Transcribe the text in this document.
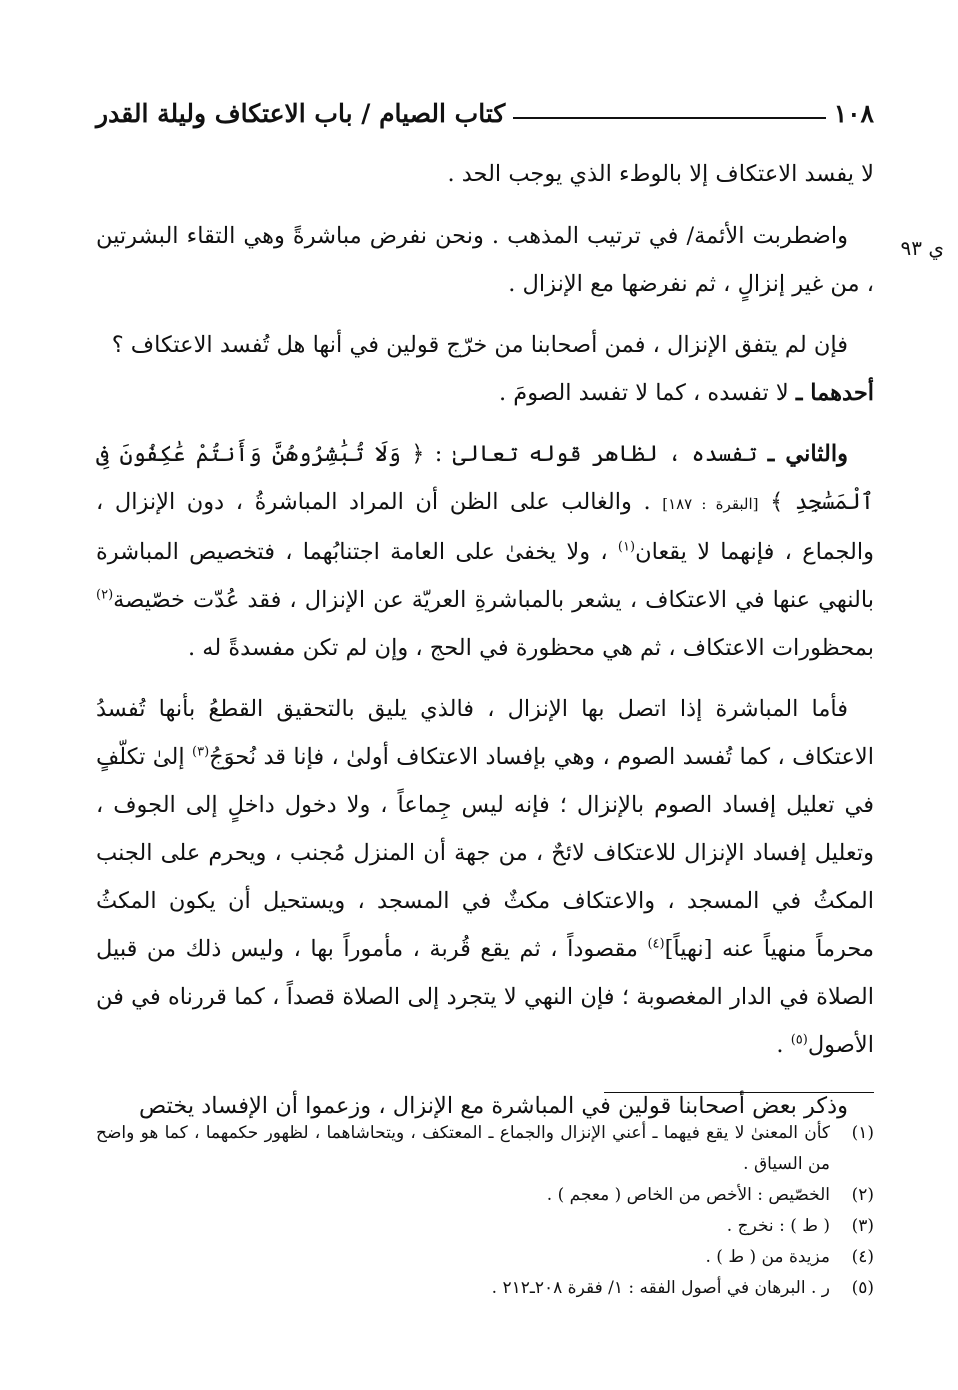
١٠٨
كتاب الصيام / باب الاعتكاف وليلة القدر
ي ٩٣

لا يفسد الاعتكاف إلا بالوطء الذي يوجب الحد .

واضطربت الأئمة/ في ترتيب المذهب . ونحن نفرض مباشرةً وهي التقاء البشرتين ، من غير إنزالٍ ، ثم نفرضها مع الإنزال .

فإن لم يتفق الإنزال ، فمن أصحابنا من خرّج قولين في أنها هل تُفسد الاعتكاف ؟
أحدهما ـ لا تفسده ، كما لا تفسد الصومَ .

والثاني ـ تفسده ، لظاهر قوله تعالىٰ : ﴿ وَلَا تُبَٰشِرُوهُنَّ وَأَنتُمْ عَٰكِفُونَ فِى ٱلْمَسَٰجِدِ ﴾ [البقرة : ١٨٧] . والغالب على الظن أن المراد المباشرةُ ، دون الإنزال ، والجماع ، فإنهما لا يقعان$^{(١)}$ ، ولا يخفىٰ على العامة اجتنابُهما ، فتخصيص المباشرة بالنهي عنها في الاعتكاف ، يشعر بالمباشرةِ العريّة عن الإنزال ، فقد عُدّت خصّيصة$^{(٢)}$ بمحظورات الاعتكاف ، ثم هي محظورة في الحج ، وإن لم تكن مفسدةً له .

فأما المباشرة إذا اتصل بها الإنزال ، فالذي يليق بالتحقيق القطعُ بأنها تُفسدُ الاعتكاف ، كما تُفسد الصوم ، وهي بإفساد الاعتكاف أولىٰ ، فإنا قد نُحوَجُ$^{(٣)}$ إلىٰ تكلّفٍ في تعليل إفساد الصوم بالإنزال ؛ فإنه ليس جِماعاً ، ولا دخول داخلٍ إلى الجوف ، وتعليل إفساد الإنزال للاعتكاف لائحٌ ، من جهة أن المنزل مُجنب ، ويحرم على الجنب المكثُ في المسجد ، والاعتكاف مكثٌ في المسجد ، ويستحيل أن يكون المكثُ محرماً منهياً عنه [نهياً]$^{(٤)}$ مقصوداً ، ثم يقع قُربة ، مأموراً بها ، وليس ذلك من قبيل الصلاة في الدار المغصوبة ؛ فإن النهي لا يتجرد إلى الصلاة قصداً ، كما قررناه في فن الأصول$^{(٥)}$ .

وذكر بعض أصحابنا قولين في المباشرة مع الإنزال ، وزعموا أن الإفساد يختص

(١)
كأن المعنىٰ لا يقع فيهما ـ أعني الإنزال والجماع ـ المعتكف ، ويتحاشاهما ، لظهور حكمهما ، كما هو واضح من السياق .
(٢)
الخصّيص : الأخص من الخاص ( معجم ) .
(٣)
( ط ) : نخرج .
(٤)
مزيدة من ( ط ) .
(٥)
ر . البرهان في أصول الفقه : ١/ فقرة ٢٠٨ـ٢١٢ .
